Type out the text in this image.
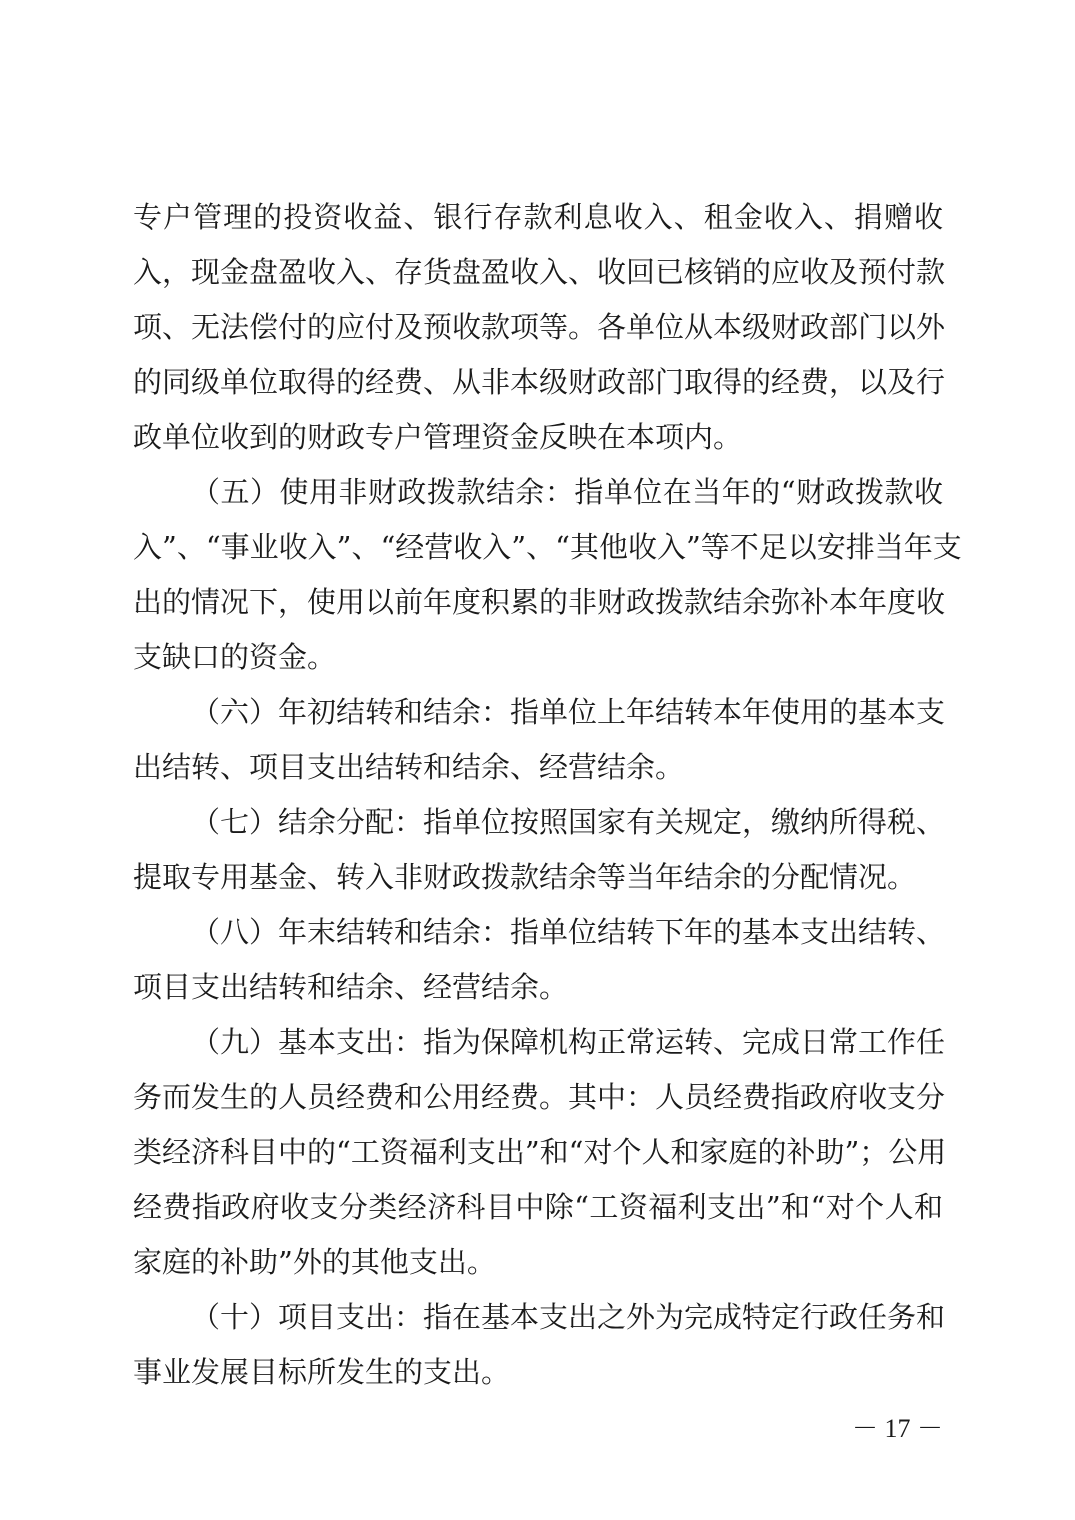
专户管理的投资收益、银行存款利息收入、租金收入、捐赠收
入，现金盘盈收入、存货盘盈收入、收回已核销的应收及预付款
项、无法偿付的应付及预收款项等。各单位从本级财政部门以外
的同级单位取得的经费、从非本级财政部门取得的经费，以及行
政单位收到的财政专户管理资金反映在本项内。
（五）使用非财政拨款结余：指单位在当年的“财政拨款收
入”、“事业收入”、“经营收入”、“其他收入”等不足以安排当年支
出的情况下，使用以前年度积累的非财政拨款结余弥补本年度收
支缺口的资金。
（六）年初结转和结余：指单位上年结转本年使用的基本支
出结转、项目支出结转和结余、经营结余。
（七）结余分配：指单位按照国家有关规定，缴纳所得税、
提取专用基金、转入非财政拨款结余等当年结余的分配情况。
（八）年末结转和结余：指单位结转下年的基本支出结转、
项目支出结转和结余、经营结余。
（九）基本支出：指为保障机构正常运转、完成日常工作任
务而发生的人员经费和公用经费。其中：人员经费指政府收支分
类经济科目中的“工资福利支出”和“对个人和家庭的补助”；公用
经费指政府收支分类经济科目中除“工资福利支出”和“对个人和
家庭的补助”外的其他支出。
（十）项目支出：指在基本支出之外为完成特定行政任务和
事业发展目标所发生的支出。
－ 17 －
